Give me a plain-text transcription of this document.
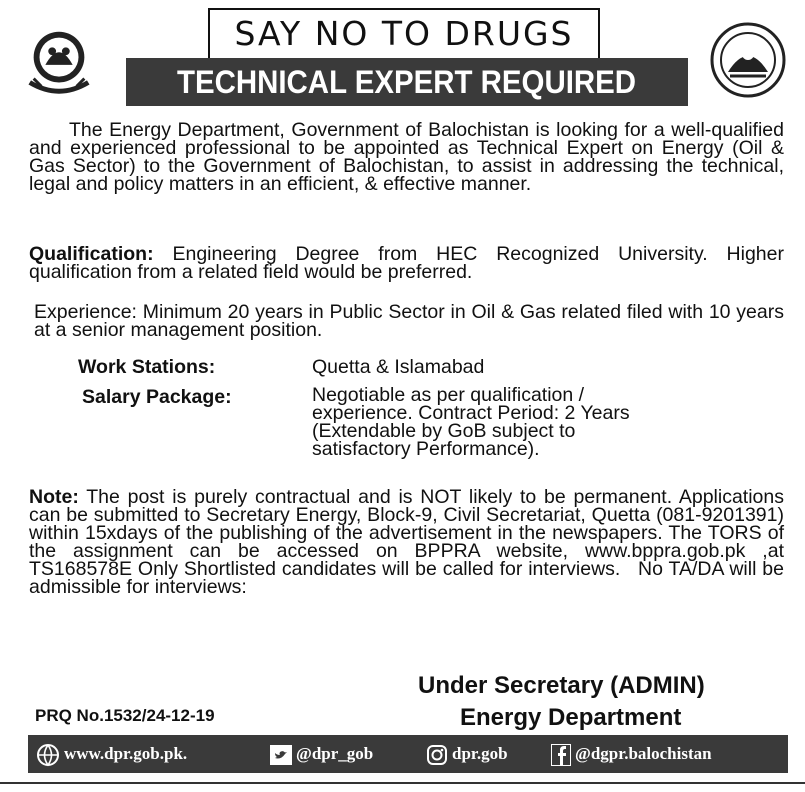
SAY NO TO DRUGS
TECHNICAL EXPERT REQUIRED
The Energy Department, Government of Balochistan is looking for a well-qualified and experienced professional to be appointed as Technical Expert on Energy (Oil & Gas Sector) to the Government of Balochistan, to assist in addressing the technical, legal and policy matters in an efficient, & effective manner.
Qualification: Engineering Degree from HEC Recognized University. Higher qualification from a related field would be preferred.
Experience: Minimum 20 years in Public Sector in Oil & Gas related filed with 10 years at a senior management position.
Work Stations:	Quetta & Islamabad
Salary Package:	Negotiable as per qualification /
experience. Contract Period: 2 Years
(Extendable by GoB subject to
satisfactory Performance).
Note: The post is purely contractual and is NOT likely to be permanent. Applications can be submitted to Secretary Energy, Block-9, Civil Secretariat, Quetta (081-9201391) within 15xdays of the publishing of the advertisement in the newspapers. The TORS of the assignment can be accessed on BPPRA website, www.bppra.gob.pk ,at TS168578E Only Shortlisted candidates will be called for interviews. No TA/DA will be admissible for interviews:
Under Secretary (ADMIN)
Energy Department
PRQ No.1532/24-12-19
www.dpr.gob.pk.	@dpr_gob	dpr.gob	@dgpr.balochistan
